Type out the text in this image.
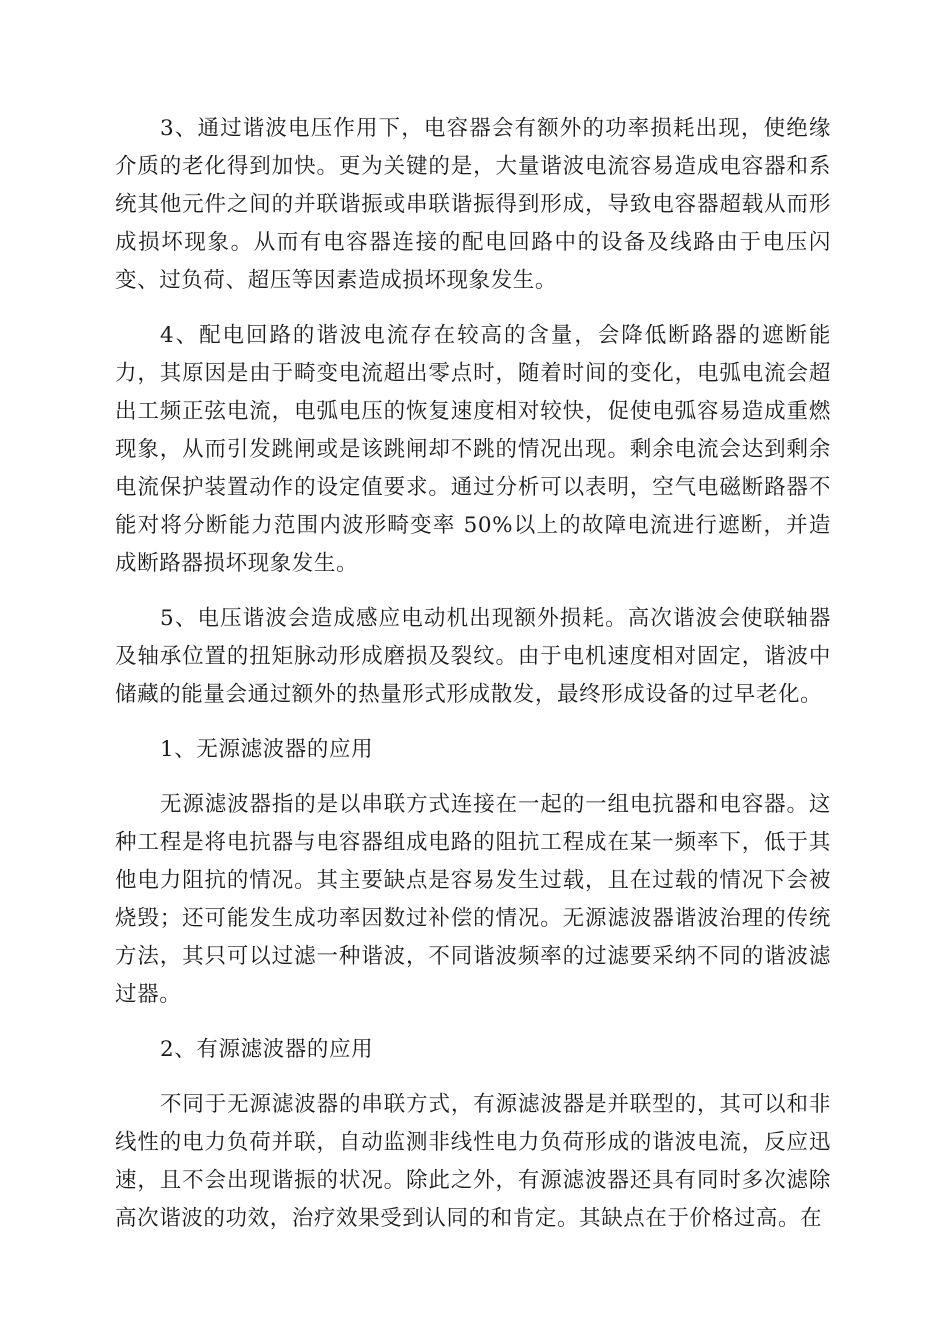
3、通过谐波电压作用下，电容器会有额外的功率损耗出现，使绝缘介质的老化得到加快。更为关键的是，大量谐波电流容易造成电容器和系统其他元件之间的并联谐振或串联谐振得到形成，导致电容器超载从而形成损坏现象。从而有电容器连接的配电回路中的设备及线路由于电压闪变、过负荷、超压等因素造成损坏现象发生。

4、配电回路的谐波电流存在较高的含量，会降低断路器的遮断能力，其原因是由于畸变电流超出零点时，随着时间的变化，电弧电流会超出工频正弦电流，电弧电压的恢复速度相对较快，促使电弧容易造成重燃现象，从而引发跳闸或是该跳闸却不跳的情况出现。剩余电流会达到剩余电流保护装置动作的设定值要求。通过分析可以表明，空气电磁断路器不能对将分断能力范围内波形畸变率 50%以上的故障电流进行遮断，并造成断路器损坏现象发生。

5、电压谐波会造成感应电动机出现额外损耗。高次谐波会使联轴器及轴承位置的扭矩脉动形成磨损及裂纹。由于电机速度相对固定，谐波中储藏的能量会通过额外的热量形式形成散发，最终形成设备的过早老化。

1、无源滤波器的应用

无源滤波器指的是以串联方式连接在一起的一组电抗器和电容器。这种工程是将电抗器与电容器组成电路的阻抗工程成在某一频率下，低于其他电力阻抗的情况。其主要缺点是容易发生过载，且在过载的情况下会被烧毁；还可能发生成功率因数过补偿的情况。无源滤波器谐波治理的传统方法，其只可以过滤一种谐波，不同谐波频率的过滤要采纳不同的谐波滤过器。

2、有源滤波器的应用

不同于无源滤波器的串联方式，有源滤波器是并联型的，其可以和非线性的电力负荷并联，自动监测非线性电力负荷形成的谐波电流，反应迅速，且不会出现谐振的状况。除此之外，有源滤波器还具有同时多次滤除高次谐波的功效，治疗效果受到认同的和肯定。其缺点在于价格过高。在
